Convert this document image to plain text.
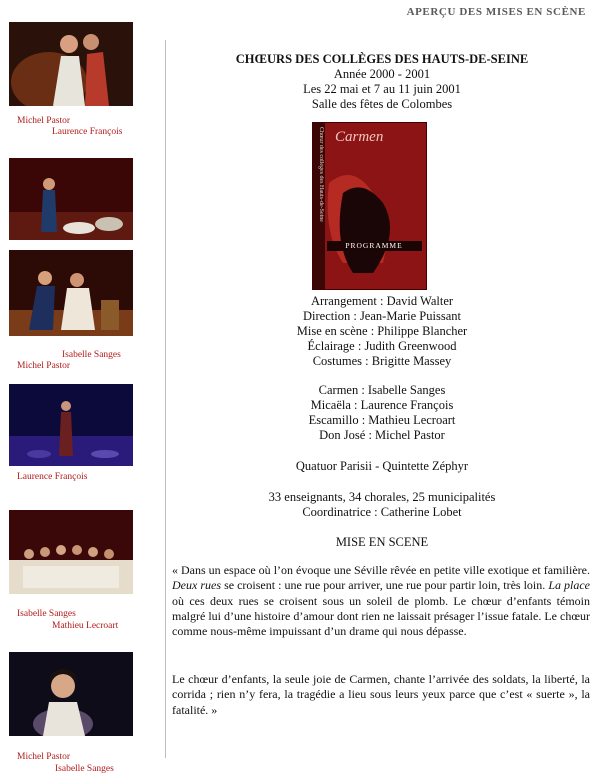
APERÇU DES MISES EN SCÈNE
Michel Pastor
Laurence François
Isabelle Sanges
Michel Pastor
Laurence François
Isabelle Sanges
Mathieu Lecroart
Michel Pastor
Isabelle Sanges
CHŒURS DES COLLÈGES DES HAUTS-DE-SEINE
Année 2000 - 2001
Les 22 mai et 7 au 11 juin 2001
Salle des fêtes de Colombes
Carmen
PROGRAMME
Chœur des collèges des Hauts-de-Seine
Arrangement : David Walter
Direction : Jean-Marie Puissant
Mise en scène : Philippe Blancher
Éclairage : Judith Greenwood
Costumes : Brigitte Massey
Carmen : Isabelle Sanges
Micaëla : Laurence François
Escamillo : Mathieu Lecroart
Don José : Michel Pastor
Quatuor Parisii - Quintette Zéphyr
33 enseignants, 34 chorales, 25 municipalités
Coordinatrice : Catherine Lobet
MISE EN SCENE
« Dans un espace où l’on évoque une Séville rêvée en petite ville exotique et familière. Deux rues se croisent : une rue pour arriver, une rue pour partir loin, très loin. La place où ces deux rues se croisent sous un soleil de plomb. Le chœur d’enfants témoin malgré lui d’une histoire d’amour dont rien ne laissait présager l’issue fatale. Le chœur comme nous-même impuissant d’un drame qui nous dépasse.
Le chœur d’enfants, la seule joie de Carmen, chante l’arrivée des soldats, la liberté, la corrida ; rien n’y fera, la tragédie a lieu sous leurs yeux parce que c’est « suerte », la fatalité. »
